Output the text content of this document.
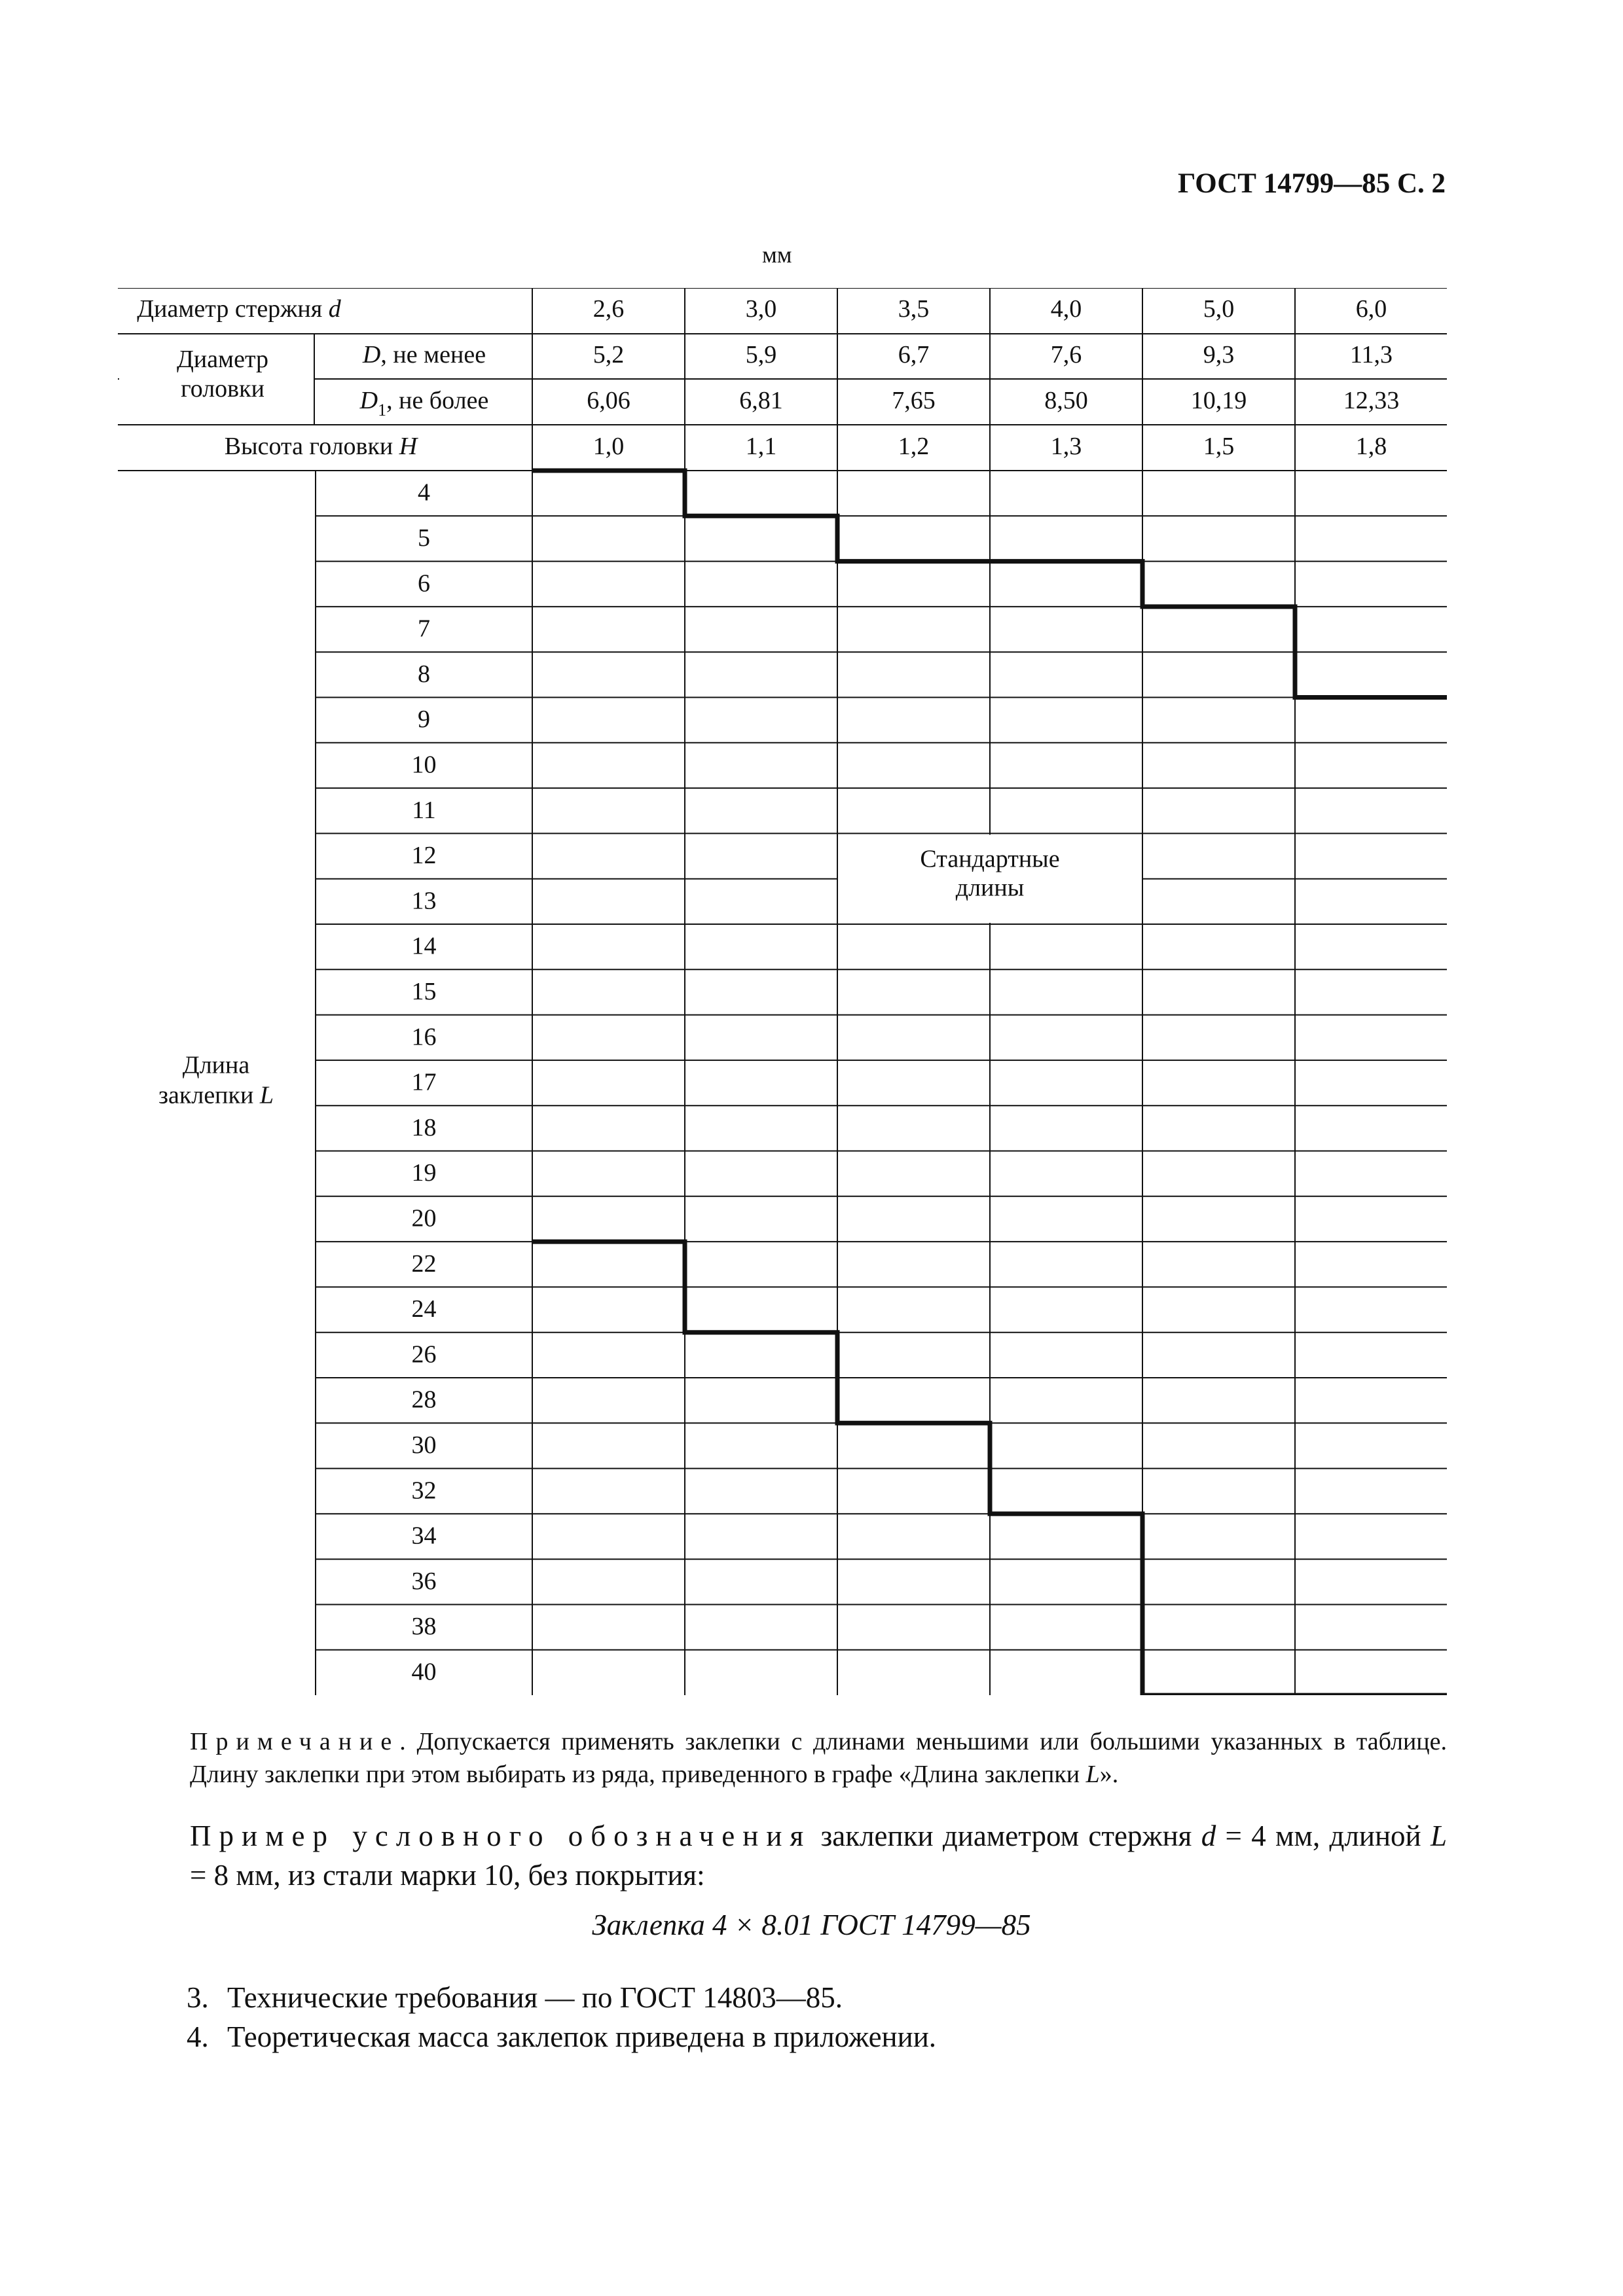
ГОСТ 14799—85 С. 2
мм
Диаметр стержня d
Диаметр
головки
D, не менее
$D_1$, не более
Высота головки H
2,6
5,2
6,06
1,0
3,0
5,9
6,81
1,1
3,5
6,7
7,65
1,2
4,0
7,6
8,50
1,3
5,0
9,3
10,19
1,5
6,0
11,3
12,33
1,8
Длина
заклепки L
4
5
6
7
8
9
10
11
12
13
14
15
16
17
18
19
20
22
24
26
28
30
32
34
36
38
40
Стандартные
длины
Примечание. Допускается применять заклепки с длинами меньшими или большими указанных в таблице. Длину заклепки при этом выбирать из ряда, приведенного в графе «Длина заклепки L».
Пример условного обозначения заклепки диаметром стержня d = 4 мм, длиной L = 8 мм, из стали марки 10, без покрытия:
Заклепка 4 × 8.01 ГОСТ 14799—85
3. Технические требования — по ГОСТ 14803—85.
4. Теоретическая масса заклепок приведена в приложении.
